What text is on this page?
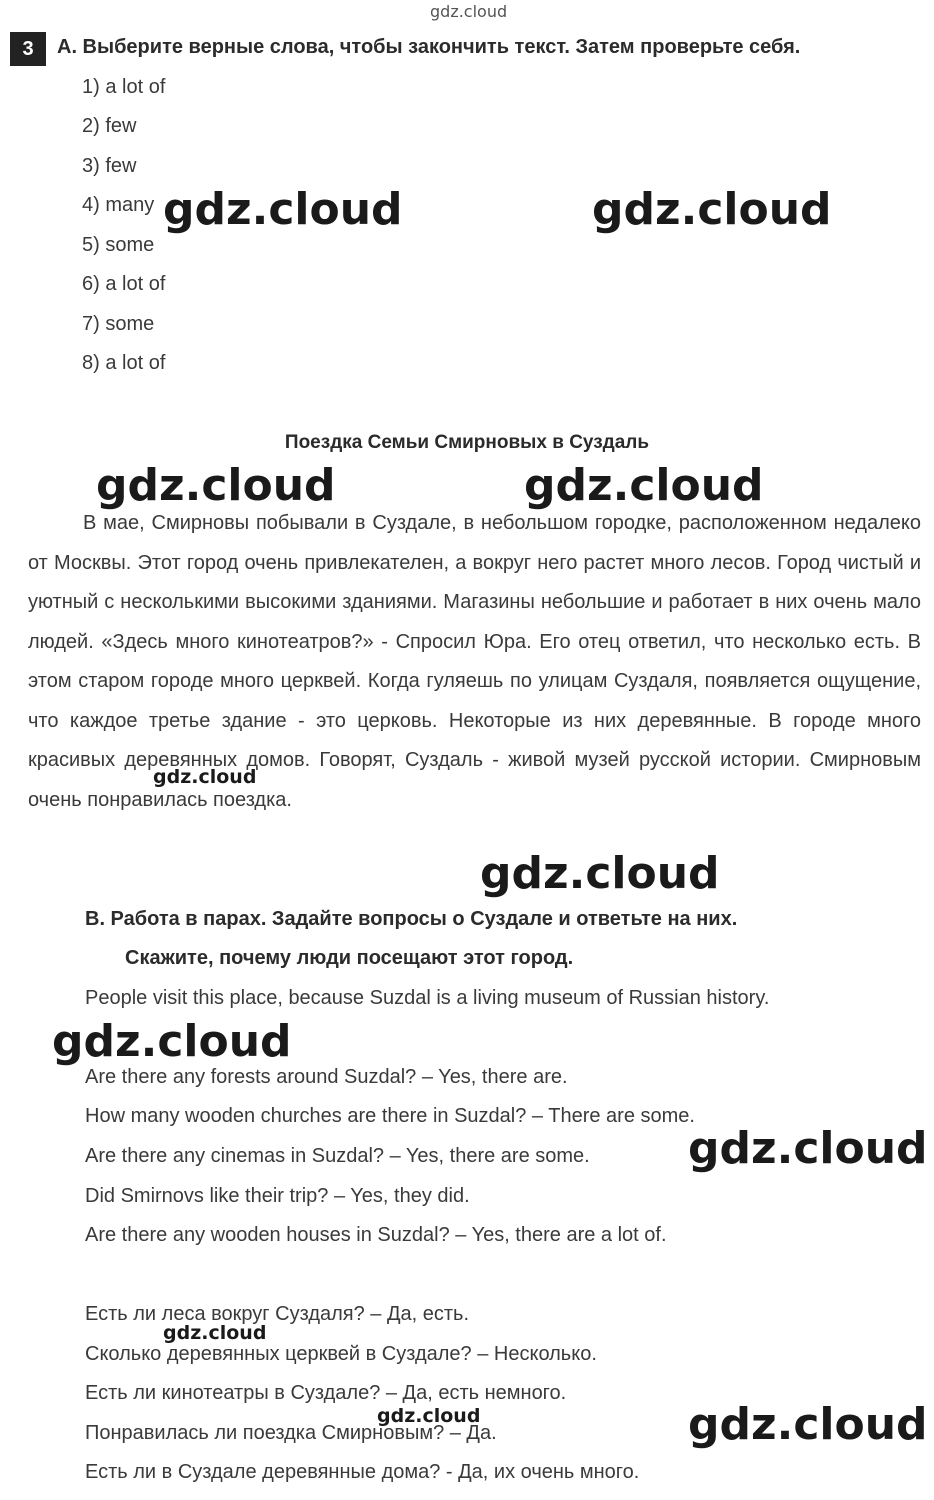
gdz.cloud
3	A. Выберите верные слова, чтобы закончить текст. Затем проверьте себя.
1) a lot of
2) few
3) few
4) many
5) some
6) a lot of
7) some
8) a lot of
Поездка Семьи Смирновых в Суздаль
В мае, Смирновы побывали в Суздале, в небольшом городке, расположенном недалеко от Москвы. Этот город очень привлекателен, а вокруг него растет много лесов. Город чистый и уютный с несколькими высокими зданиями. Магазины небольшие и работает в них очень мало людей. «Здесь много кинотеатров?» - Спросил Юра. Его отец ответил, что несколько есть. В этом старом городе много церквей. Когда гуляешь по улицам Суздаля, появляется ощущение, что каждое третье здание - это церковь. Некоторые из них деревянные. В городе много красивых деревянных домов. Говорят, Суздаль - живой музей русской истории. Смирновым очень понравилась поездка.
B. Работа в парах. Задайте вопросы о Суздале и ответьте на них.
Скажите, почему люди посещают этот город.
People visit this place, because Suzdal is a living museum of Russian history.
Are there any forests around Suzdal? – Yes, there are.
How many wooden churches are there in Suzdal? – There are some.
Are there any cinemas in Suzdal? – Yes, there are some.
Did Smirnovs like their trip? – Yes, they did.
Are there any wooden houses in Suzdal? – Yes, there are a lot of.
Есть ли леса вокруг Суздаля? – Да, есть.
Сколько деревянных церквей в Суздале? – Несколько.
Есть ли кинотеатры в Суздале? – Да, есть немного.
Понравилась ли поездка Смирновым? – Да.
Есть ли в Суздале деревянные дома? - Да, их очень много.
gdz.cloud	gdz.cloud
gdz.cloud	gdz.cloud
gdz.cloud
gdz.cloud
gdz.cloud
gdz.cloud
gdz.cloud
gdz.cloud	gdz.cloud
